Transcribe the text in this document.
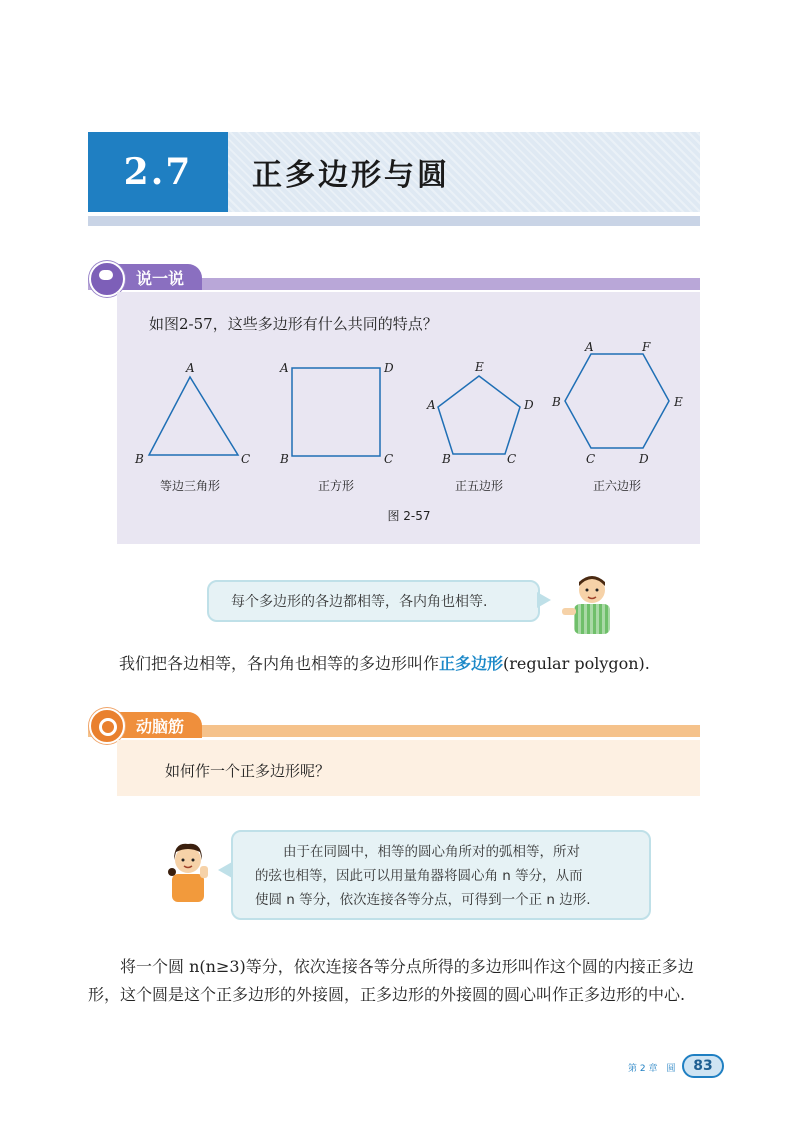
2.7	正多边形与圆
说一说
如图2-57，这些多边形有什么共同的特点？
A
B	C
等边三角形
A	D
B	C
正方形
E
A	D
B	C
正五边形
A	F
B	E
C	D
正六边形
图 2-57
每个多边形的各边都相等，各内角也相等.
我们把各边相等，各内角也相等的多边形叫作正多边形(regular polygon).
动脑筋
如何作一个正多边形呢？
由于在同圆中，相等的圆心角所对的弧相等，所对
的弦也相等，因此可以用量角器将圆心角 n 等分，从而
使圆 n 等分，依次连接各等分点，可得到一个正 n 边形.
将一个圆 n(n≥3)等分，依次连接各等分点所得的多边形叫作这个圆的内接正多边形，这个圆是这个正多边形的外接圆，正多边形的外接圆的圆心叫作正多边形的中心.
第 2 章　圆	83
